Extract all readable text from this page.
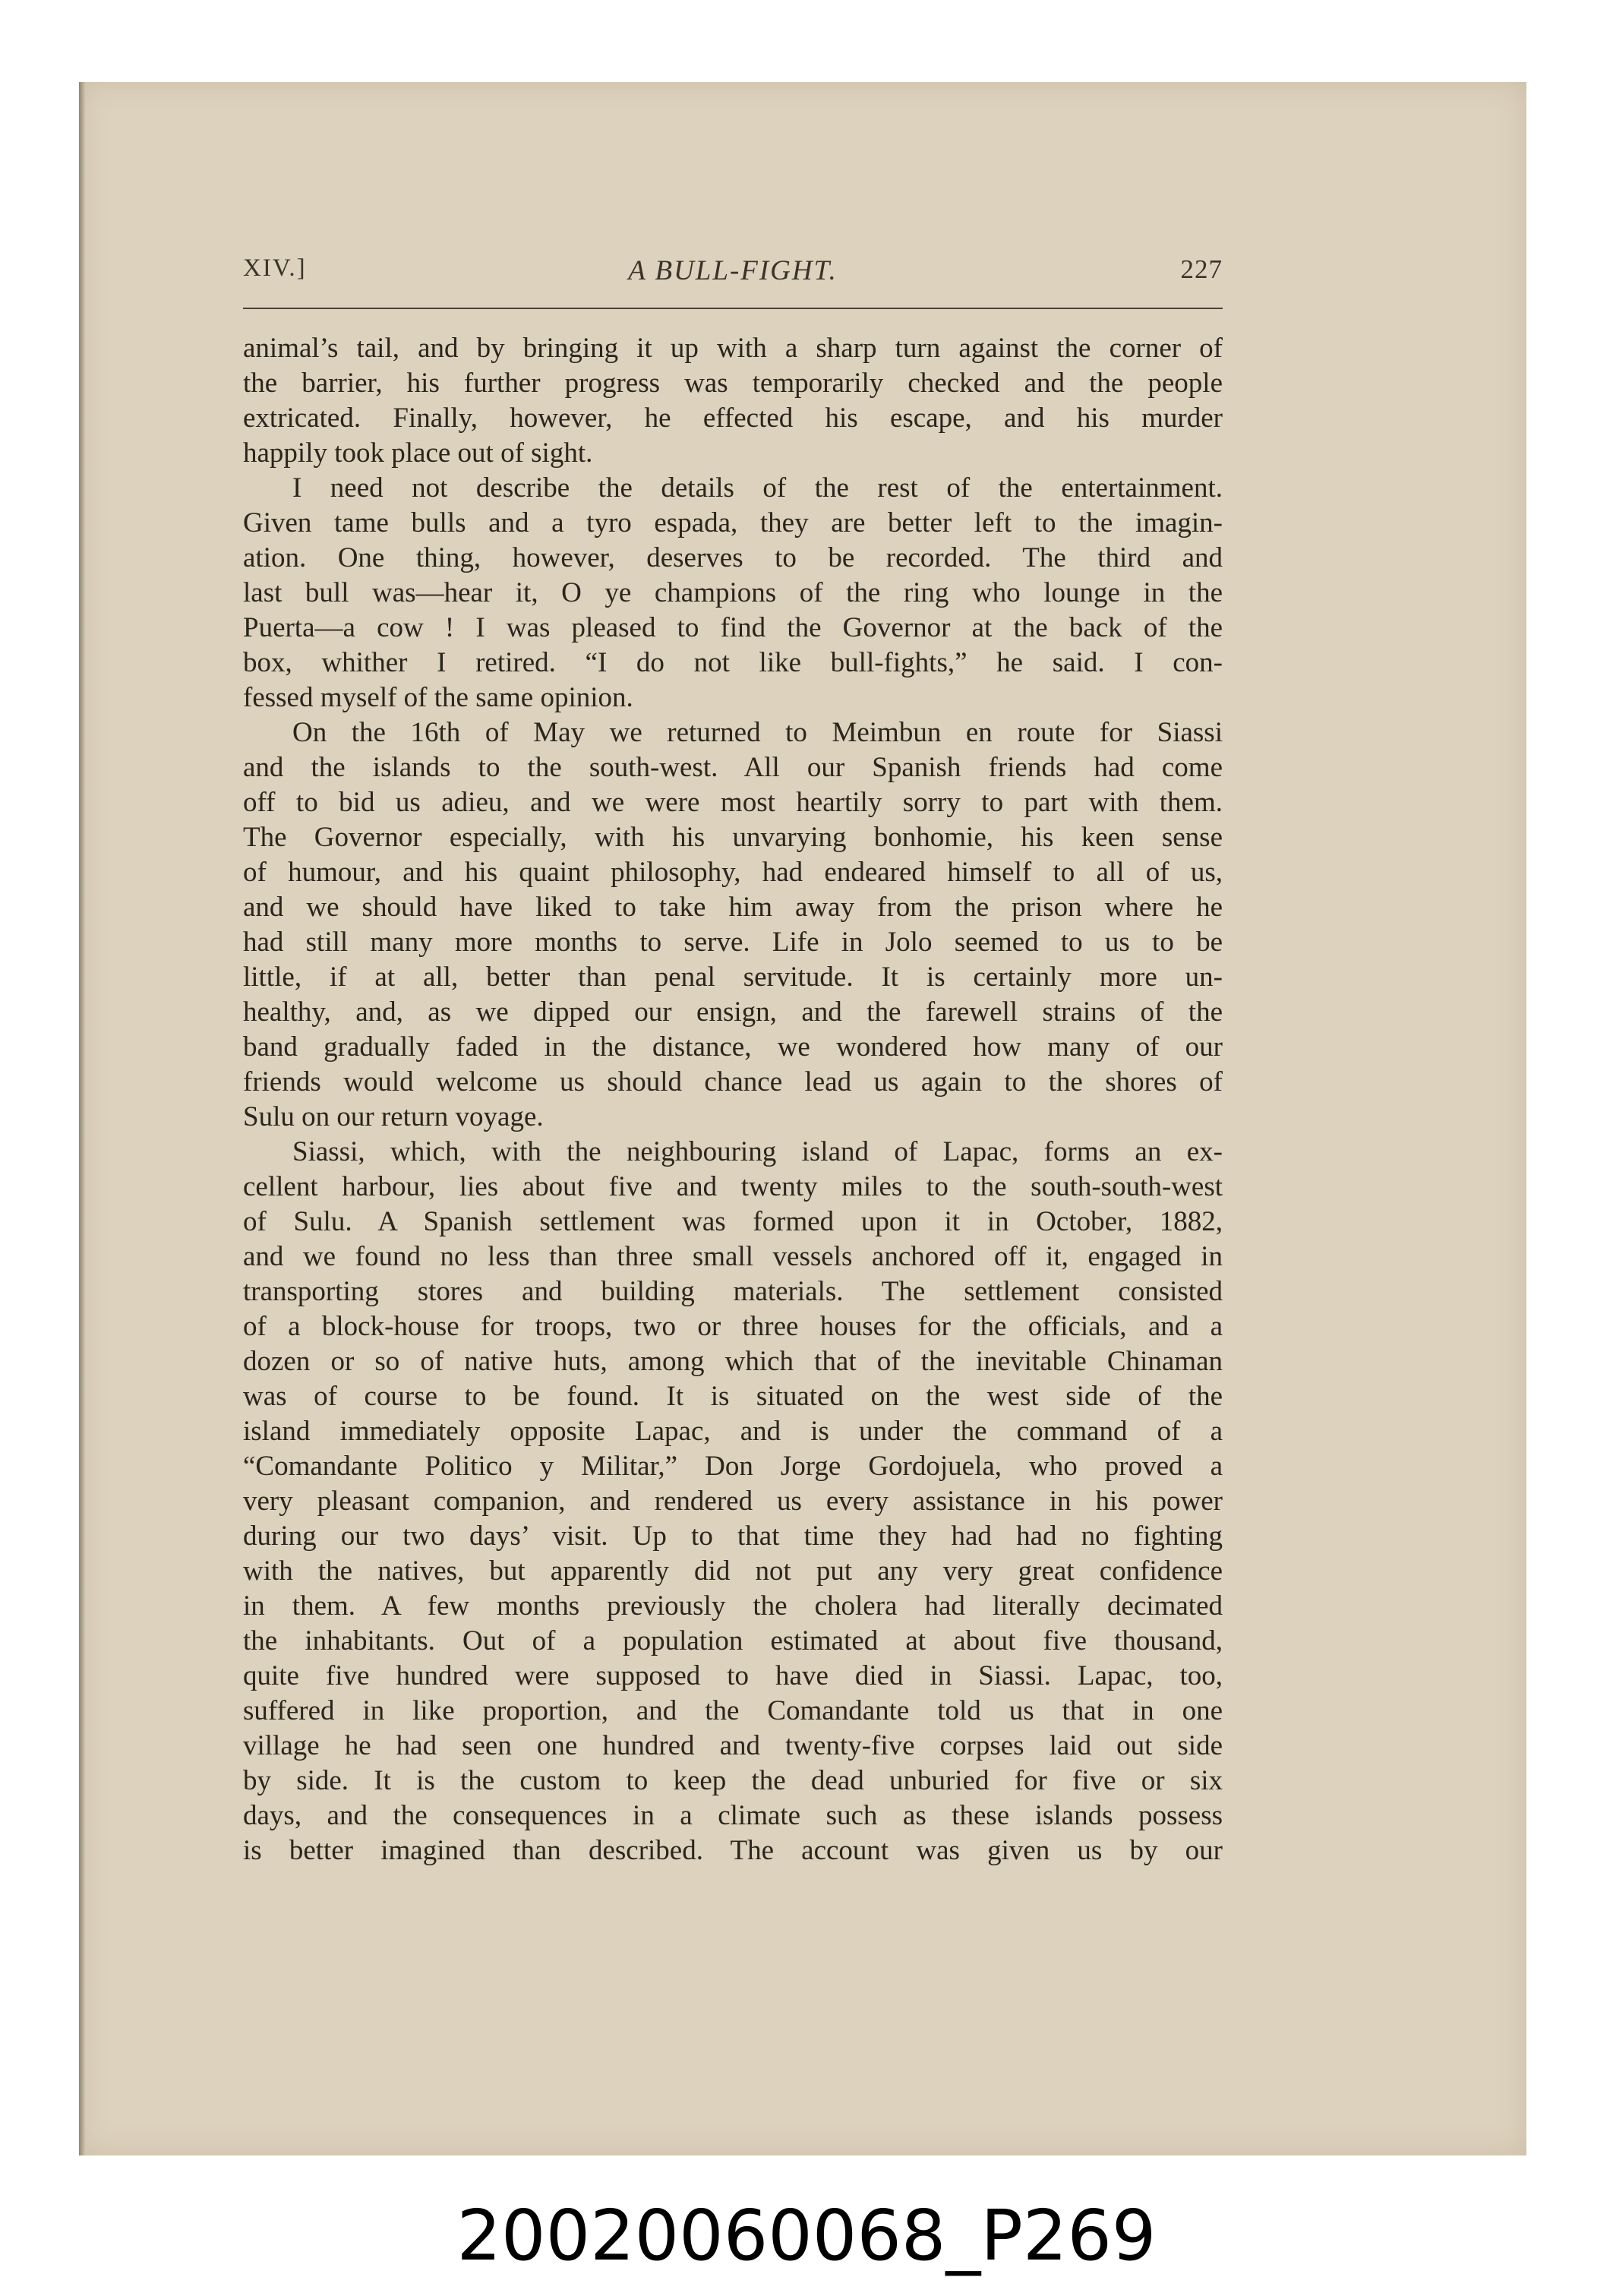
XIV.]	A BULL-FIGHT.	227
animal’s tail, and by bringing it up with a sharp turn against the corner of
the barrier, his further progress was temporarily checked and the people
extricated. Finally, however, he effected his escape, and his murder
happily took place out of sight.
I need not describe the details of the rest of the entertainment.
Given tame bulls and a tyro espada, they are better left to the imagin-
ation. One thing, however, deserves to be recorded. The third and
last bull was—hear it, O ye champions of the ring who lounge in the
Puerta—a cow ! I was pleased to find the Governor at the back of the
box, whither I retired. “I do not like bull-fights,” he said. I con-
fessed myself of the same opinion.
On the 16th of May we returned to Meimbun en route for Siassi
and the islands to the south-west. All our Spanish friends had come
off to bid us adieu, and we were most heartily sorry to part with them.
The Governor especially, with his unvarying bonhomie, his keen sense
of humour, and his quaint philosophy, had endeared himself to all of us,
and we should have liked to take him away from the prison where he
had still many more months to serve. Life in Jolo seemed to us to be
little, if at all, better than penal servitude. It is certainly more un-
healthy, and, as we dipped our ensign, and the farewell strains of the
band gradually faded in the distance, we wondered how many of our
friends would welcome us should chance lead us again to the shores of
Sulu on our return voyage.
Siassi, which, with the neighbouring island of Lapac, forms an ex-
cellent harbour, lies about five and twenty miles to the south-south-west
of Sulu. A Spanish settlement was formed upon it in October, 1882,
and we found no less than three small vessels anchored off it, engaged in
transporting stores and building materials. The settlement consisted
of a block-house for troops, two or three houses for the officials, and a
dozen or so of native huts, among which that of the inevitable Chinaman
was of course to be found. It is situated on the west side of the
island immediately opposite Lapac, and is under the command of a
“Comandante Politico y Militar,” Don Jorge Gordojuela, who proved a
very pleasant companion, and rendered us every assistance in his power
during our two days’ visit. Up to that time they had had no fighting
with the natives, but apparently did not put any very great confidence
in them. A few months previously the cholera had literally decimated
the inhabitants. Out of a population estimated at about five thousand,
quite five hundred were supposed to have died in Siassi. Lapac, too,
suffered in like proportion, and the Comandante told us that in one
village he had seen one hundred and twenty-five corpses laid out side
by side. It is the custom to keep the dead unburied for five or six
days, and the consequences in a climate such as these islands possess
is better imagined than described. The account was given us by our
20020060068_P269
